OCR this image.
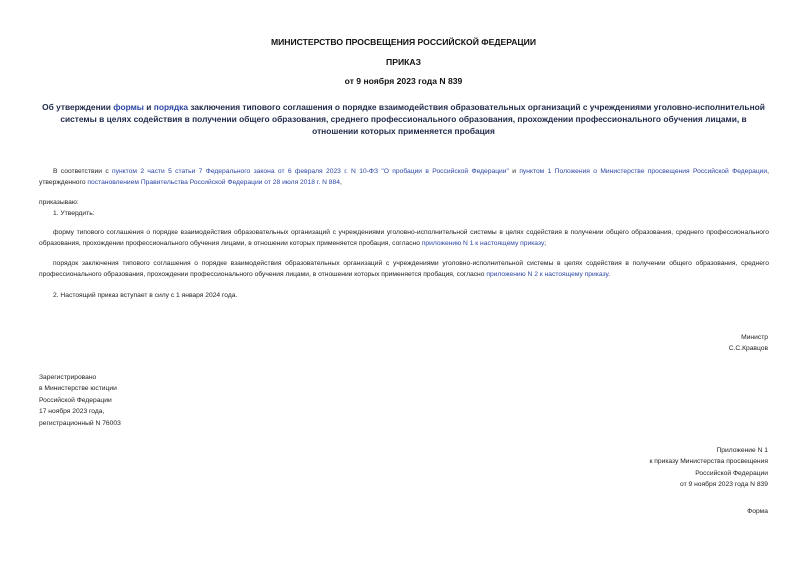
МИНИСТЕРСТВО ПРОСВЕЩЕНИЯ РОССИЙСКОЙ ФЕДЕРАЦИИ
ПРИКАЗ
от 9 ноября 2023 года N 839
Об утверждении формы и порядка заключения типового соглашения о порядке взаимодействия образовательных организаций с учреждениями уголовно-исполнительной системы в целях содействия в получении общего образования, среднего профессионального образования, прохождении профессионального обучения лицами, в отношении которых применяется пробация
В соответствии с пунктом 2 части 5 статьи 7 Федерального закона от 6 февраля 2023 г. N 10-ФЗ "О пробации в Российской Федерации" и пунктом 1 Положения о Министерстве просвещения Российской Федерации, утвержденного постановлением Правительства Российской Федерации от 28 июля 2018 г. N 884,
приказываю:
1. Утвердить:
форму типового соглашения о порядке взаимодействия образовательных организаций с учреждениями уголовно-исполнительной системы в целях содействия в получении общего образования, среднего профессионального образования, прохождении профессионального обучения лицами, в отношении которых применяется пробация, согласно приложению N 1 к настоящему приказу;
порядок заключения типового соглашения о порядке взаимодействия образовательных организаций с учреждениями уголовно-исполнительной системы в целях содействия в получении общего образования, среднего профессионального образования, прохождении профессионального обучения лицами, в отношении которых применяется пробация, согласно приложению N 2 к настоящему приказу.
2. Настоящий приказ вступает в силу с 1 января 2024 года.
Министр
С.С.Кравцов
Зарегистрировано
в Министерстве юстиции
Российской Федерации
17 ноября 2023 года,
регистрационный N 76003
Приложение N 1
к приказу Министерства просвещения
Российской Федерации
от 9 ноября 2023 года N 839
Форма
